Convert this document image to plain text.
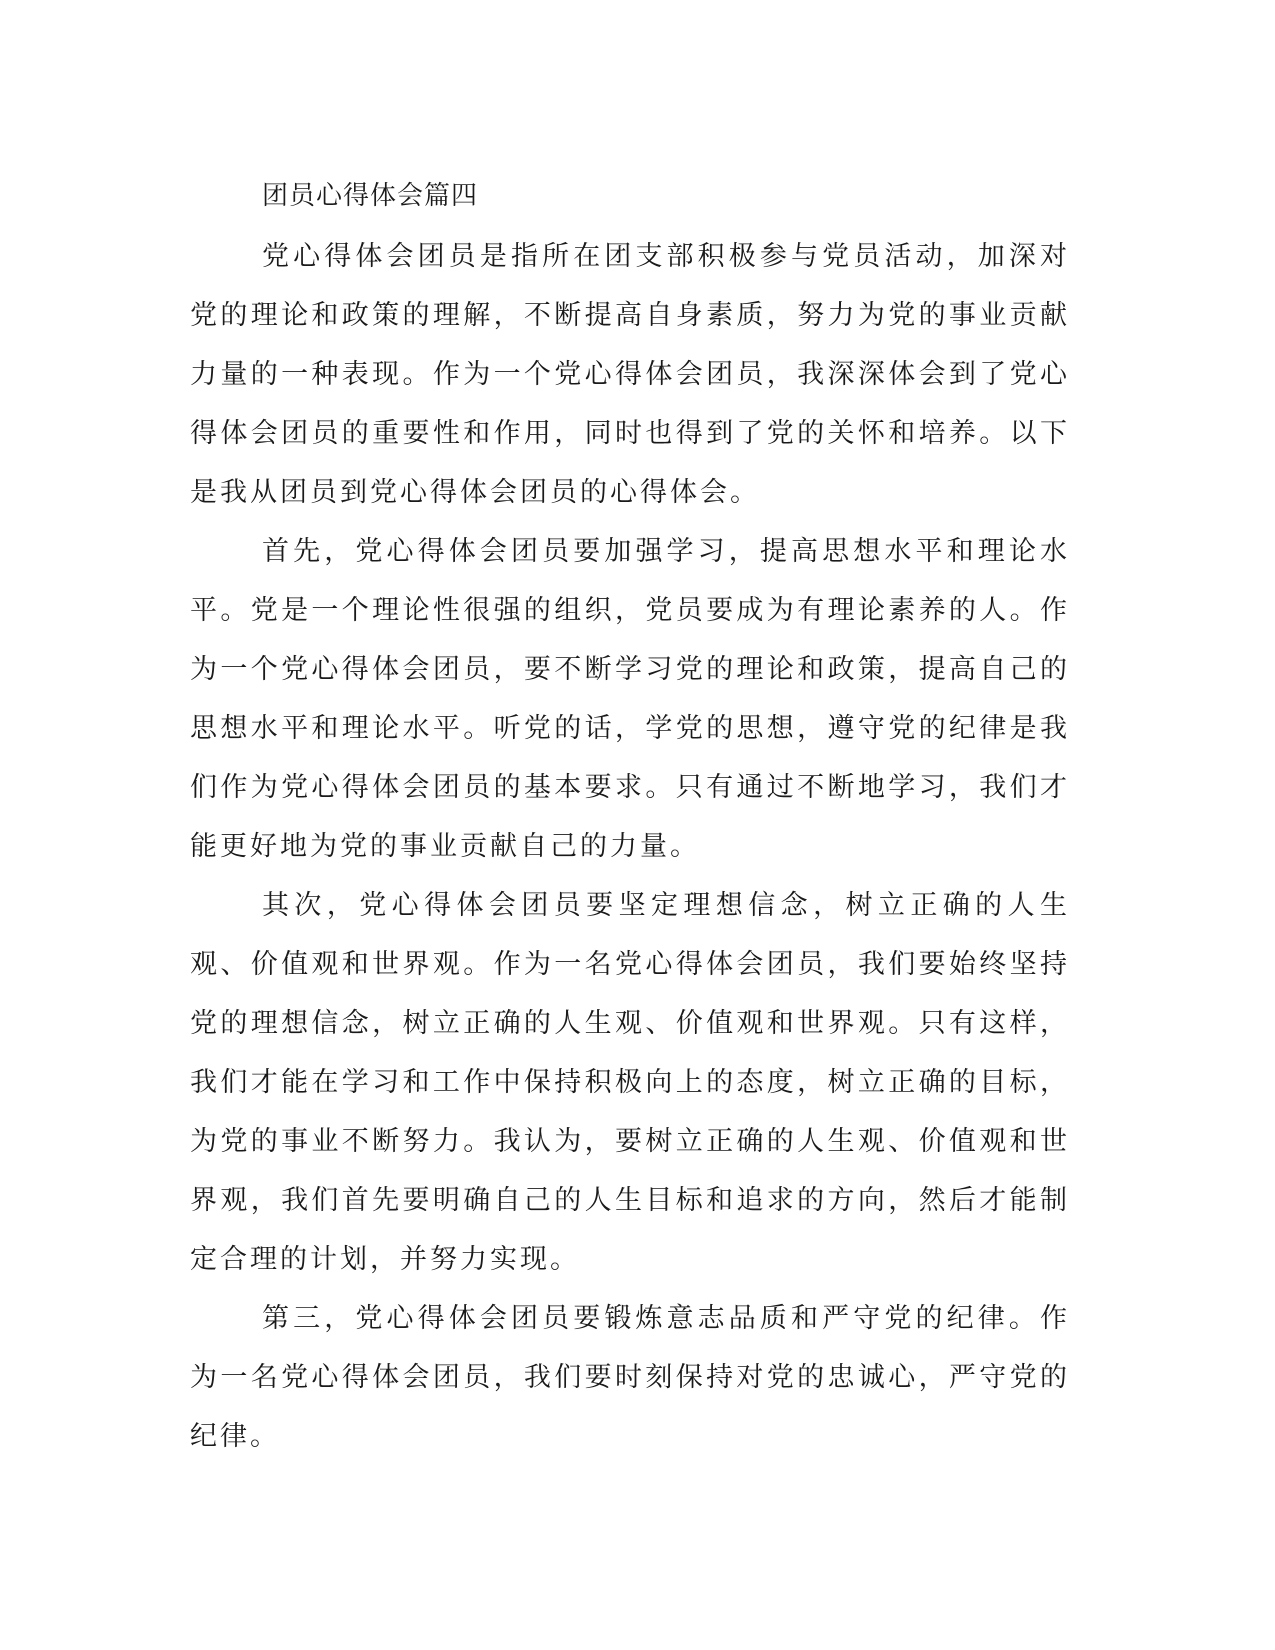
团员心得体会篇四

党心得体会团员是指所在团支部积极参与党员活动，加深对党的理论和政策的理解，不断提高自身素质，努力为党的事业贡献力量的一种表现。作为一个党心得体会团员，我深深体会到了党心得体会团员的重要性和作用，同时也得到了党的关怀和培养。以下是我从团员到党心得体会团员的心得体会。

首先，党心得体会团员要加强学习，提高思想水平和理论水平。党是一个理论性很强的组织，党员要成为有理论素养的人。作为一个党心得体会团员，要不断学习党的理论和政策，提高自己的思想水平和理论水平。听党的话，学党的思想，遵守党的纪律是我们作为党心得体会团员的基本要求。只有通过不断地学习，我们才能更好地为党的事业贡献自己的力量。

其次，党心得体会团员要坚定理想信念，树立正确的人生观、价值观和世界观。作为一名党心得体会团员，我们要始终坚持党的理想信念，树立正确的人生观、价值观和世界观。只有这样，我们才能在学习和工作中保持积极向上的态度，树立正确的目标，为党的事业不断努力。我认为，要树立正确的人生观、价值观和世界观，我们首先要明确自己的人生目标和追求的方向，然后才能制定合理的计划，并努力实现。

第三，党心得体会团员要锻炼意志品质和严守党的纪律。作为一名党心得体会团员，我们要时刻保持对党的忠诚心，严守党的纪律。
